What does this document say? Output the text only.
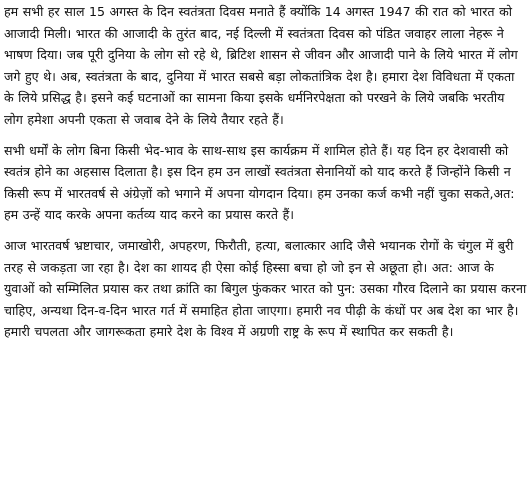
हम सभी हर साल 15 अगस्त के दिन स्वतंत्रता दिवस मनाते हैं क्योंकि 14 अगस्त 1947 की रात को भारत को आजादी मिली। भारत की आजादी के तुरंत बाद, नई दिल्ली में स्वतंत्रता दिवस को पंडित जवाहर लाला नेहरू ने भाषण दिया। जब पूरी दुनिया के लोग सो रहे थे, ब्रिटिश शासन से जीवन और आजादी पाने के लिये भारत में लोग जगे हुए थे। अब, स्वतंत्रता के बाद, दुनिया में भारत सबसे बड़ा लोकतांत्रिक देश है। हमारा देश विविधता में एकता के लिये प्रसिद्ध है। इसने कई घटनाओं का सामना किया इसके धर्मनिरपेक्षता को परखने के लिये जबकि भरतीय लोग हमेशा अपनी एकता से जवाब देने के लिये तैयार रहते हैं।

सभी धर्मों के लोग बिना किसी भेद-भाव के साथ-साथ इस कार्यक्रम में शामिल होते हैं। यह दिन हर देशवासी को स्वतंत्र होने का अहसास दिलाता है। इस दिन हम उन लाखों स्वतंत्रता सेनानियों को याद करते हैं जिन्होंने किसी न किसी रूप में भारतवर्ष से अंग्रेज़ों को भगाने में अपना योगदान दिया। हम उनका कर्ज कभी नहीं चुका सकते,अत: हम उन्हें याद करके अपना कर्तव्य याद करने का प्रयास करते हैं।

आज भारतवर्ष भ्रष्टाचार, जमाखोरी, अपहरण, फिरौती, हत्या, बलात्कार आदि जैसे भयानक रोगों के चंगुल में बुरी तरह से जकड़ता जा रहा है। देश का शायद ही ऐसा कोई हिस्सा बचा हो जो इन से अछूता हो। अत: आज के युवाओं को सम्मिलित प्रयास कर तथा क्रांति का बिगुल फुंककर भारत को पुन: उसका गौरव दिलाने का प्रयास करना चाहिए, अन्यथा दिन-व-दिन भारत गर्त में समाहित होता जाएगा। हमारी नव पीढ़ी के कंधों पर अब देश का भार है। हमारी चपलता और जागरूकता हमारे देश के विश्व में अग्रणी राष्ट्र के रूप में स्थापित कर सकती है।
